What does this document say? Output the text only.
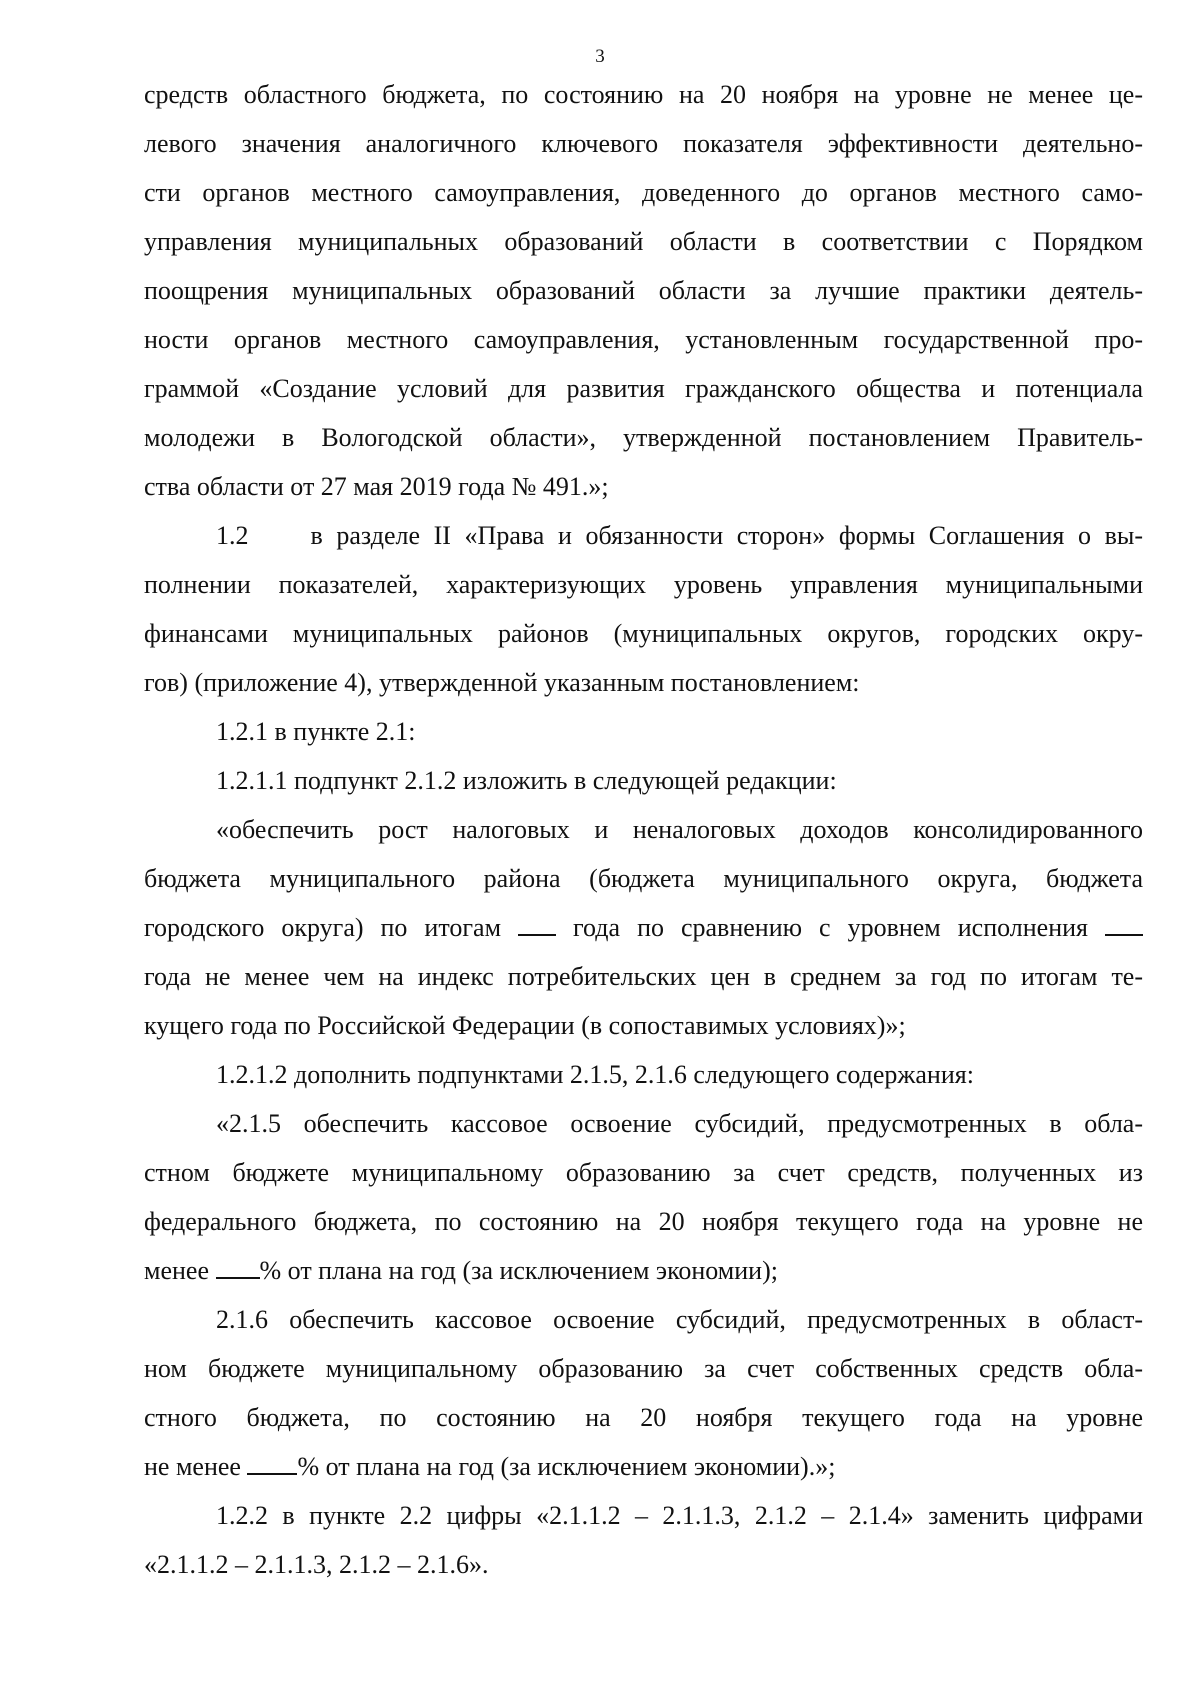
3
средств областного бюджета, по состоянию на 20 ноября на уровне не менее це-
левого значения аналогичного ключевого показателя эффективности деятельно-
сти органов местного самоуправления, доведенного до органов местного само-
управления муниципальных образований области в соответствии с Порядком
поощрения муниципальных образований области за лучшие практики деятель-
ности органов местного самоуправления, установленным государственной про-
граммой «Создание условий для развития гражданского общества и потенциала
молодежи в Вологодской области», утвержденной постановлением Правитель-
ства области от 27 мая 2019 года № 491.»;
1.2 в разделе II «Права и обязанности сторон» формы Соглашения о вы-
полнении показателей, характеризующих уровень управления муниципальными
финансами муниципальных районов (муниципальных округов, городских окру-
гов) (приложение 4), утвержденной указанным постановлением:
1.2.1 в пункте 2.1:
1.2.1.1 подпункт 2.1.2 изложить в следующей редакции:
«обеспечить рост налоговых и неналоговых доходов консолидированного
бюджета муниципального района (бюджета муниципального округа, бюджета
городского округа) по итогам	года по сравнению с уровнем исполнения
года не менее чем на индекс потребительских цен в среднем за год по итогам те-
кущего года по Российской Федерации (в сопоставимых условиях)»;
1.2.1.2 дополнить подпунктами 2.1.5, 2.1.6 следующего содержания:
«2.1.5 обеспечить кассовое освоение субсидий, предусмотренных в обла-
стном бюджете муниципальному образованию за счет средств, полученных из
федерального бюджета, по состоянию на 20 ноября текущего года на уровне не
менее % от плана на год (за исключением экономии);
2.1.6 обеспечить кассовое освоение субсидий, предусмотренных в област-
ном бюджете муниципальному образованию за счет собственных средств обла-
стного бюджета, по состоянию на 20 ноября текущего года на уровне
не менее % от плана на год (за исключением экономии).»;
1.2.2 в пункте 2.2 цифры «2.1.1.2 – 2.1.1.3, 2.1.2 – 2.1.4» заменить цифрами
«2.1.1.2 – 2.1.1.3, 2.1.2 – 2.1.6».
